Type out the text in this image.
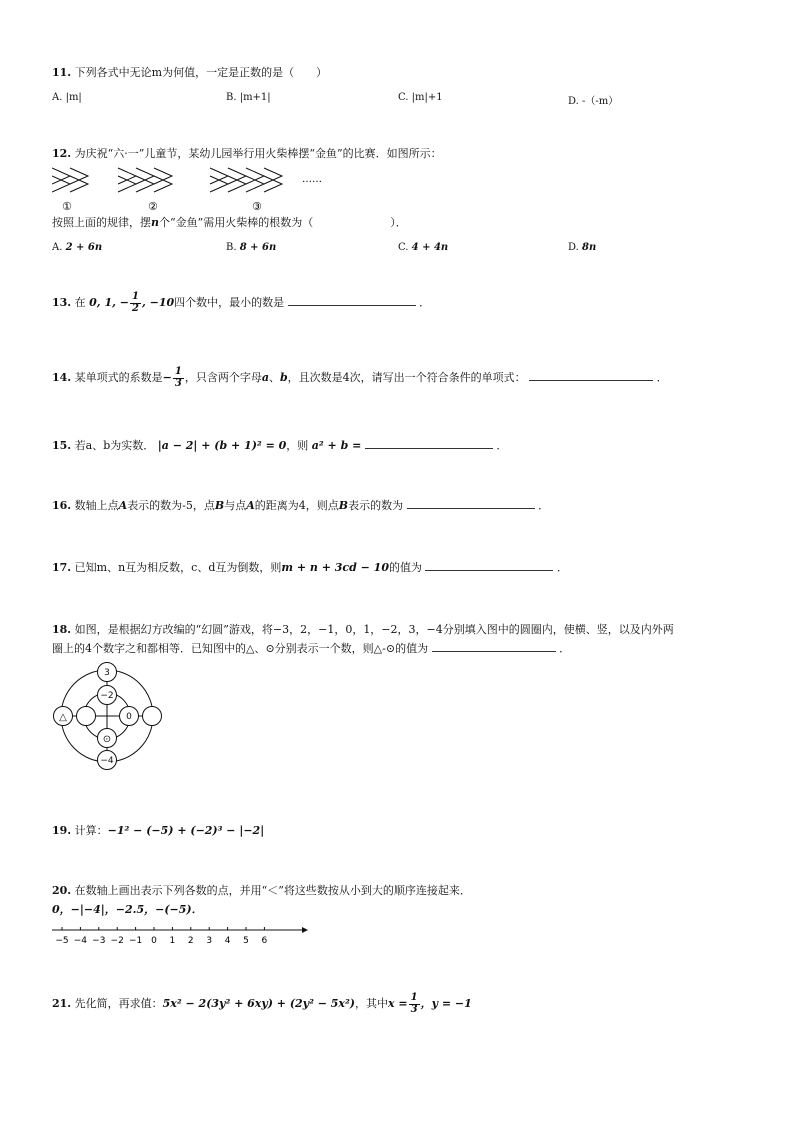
11. 下列各式中无论m为何值，一定是正数的是（　　）
A. |m|	B. |m+1|	C. |m|+1	D. -（-m）
12. 为庆祝“六·一”儿童节，某幼儿园举行用火柴棒摆“金鱼”的比赛．如图所示：
……
①	②	③
按照上面的规律，摆n个“金鱼”需用火柴棒的根数为（　　　　　　　）．
A. 2 + 6n	B. 8 + 6n	C. 4 + 4n	D. 8n
13. 在 0, 1, − $\frac{1}{2}$ , −10四个数中，最小的数是	．
14. 某单项式的系数是− $\frac{1}{3}$ ，只含两个字母a、b，且次数是4次，请写出一个符合条件的单项式：	．
15. 若a、b为实数． |a − 2| + (b + 1)² = 0，则 a² + b =	．
16. 数轴上点A表示的数为-5，点B与点A的距离为4，则点B表示的数为	．
17. 已知m、n互为相反数，c、d互为倒数，则m + n + 3cd − 10的值为	．
18. 如图，是根据幻方改编的“幻圆”游戏，将−3，2，−1，0，1，−2，3，−4分别填入图中的圆圈内，使横、竖，以及内外两
圈上的4个数字之和都相等．已知图中的△、⊙分别表示一个数，则△-⊙的值为	．
3
−2
⊙
−4
△	0
19. 计算：−1² − (−5) + (−2)³ − |−2|
20. 在数轴上画出表示下列各数的点，并用“＜”将这些数按从小到大的顺序连接起来．
0，−|−4|，−2.5，−(−5)．
−5 −4 −3 −2 −1 0 1 2 3 4 5 6
21. 先化简，再求值：5x² − 2(3y² + 6xy) + (2y² − 5x²)，其中$x = \frac{1}{3}$ ，y = −1
